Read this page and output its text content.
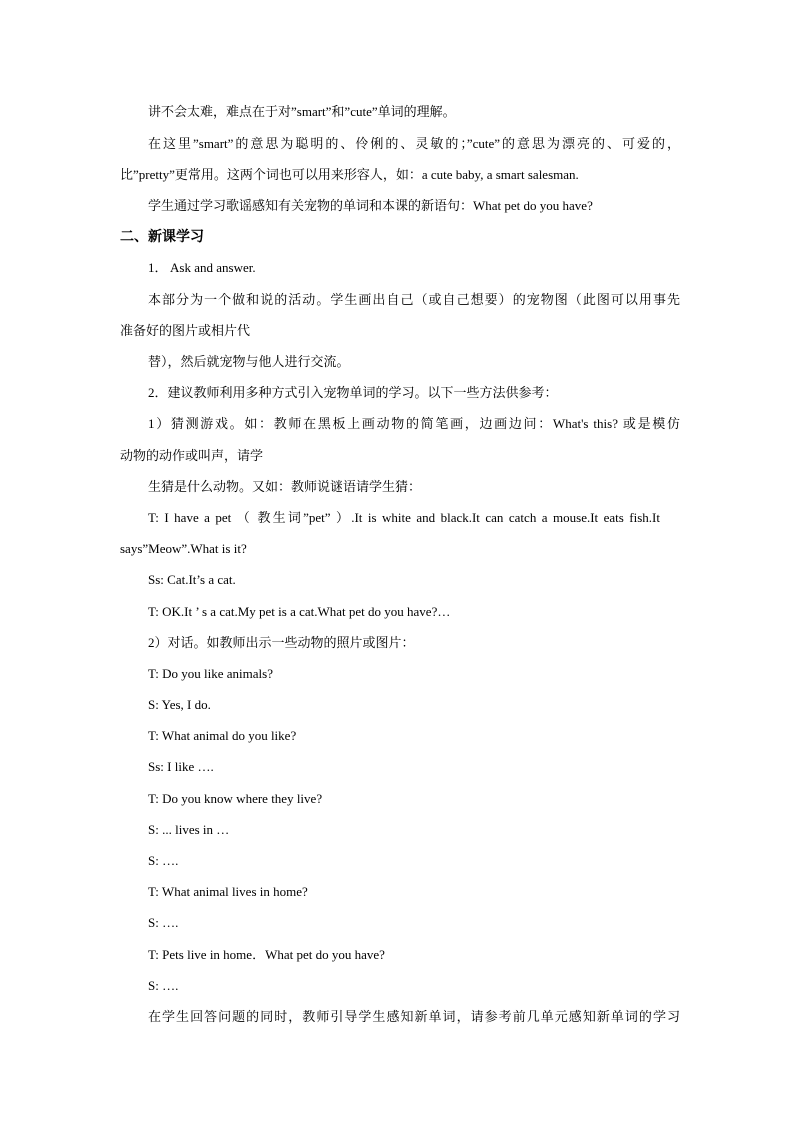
讲不会太难，难点在于对”smart”和”cute”单词的理解。
在这里”smart”的意思为聪明的、伶俐的、灵敏的；”cute”的意思为漂亮的、可爱的，
比”pretty”更常用。这两个词也可以用来形容人，如：a cute baby, a smart salesman.
学生通过学习歌谣感知有关宠物的单词和本课的新语句：What pet do you have?
二、新课学习
1． Ask and answer.
本部分为一个做和说的活动。学生画出自己（或自己想要）的宠物图（此图可以用事先
准备好的图片或相片代
替），然后就宠物与他人进行交流。
2．建议教师利用多种方式引入宠物单词的学习。以下一些方法供参考：
1）猜测游戏。如：教师在黑板上画动物的简笔画，边画边问：What's this? 或是模仿
动物的动作或叫声，请学
生猜是什么动物。又如：教师说谜语请学生猜：
T: I have a pet （ 教生词”pet” ）.It is white and black.It can catch a mouse.It eats fish.It
says”Meow”.What is it?
Ss: Cat.It’s a cat.
T: OK.It ’ s a cat.My pet is a cat.What pet do you have?…
2）对话。如教师出示一些动物的照片或图片：
T: Do you like animals?
S: Yes, I do.
T: What animal do you like?
Ss: I like ….
T: Do you know where they live?
S: ... lives in …
S: ….
T: What animal lives in home?
S: ….
T: Pets live in home．What pet do you have?
S: ….
在学生回答问题的同时，教师引导学生感知新单词，请参考前几单元感知新单词的学习
